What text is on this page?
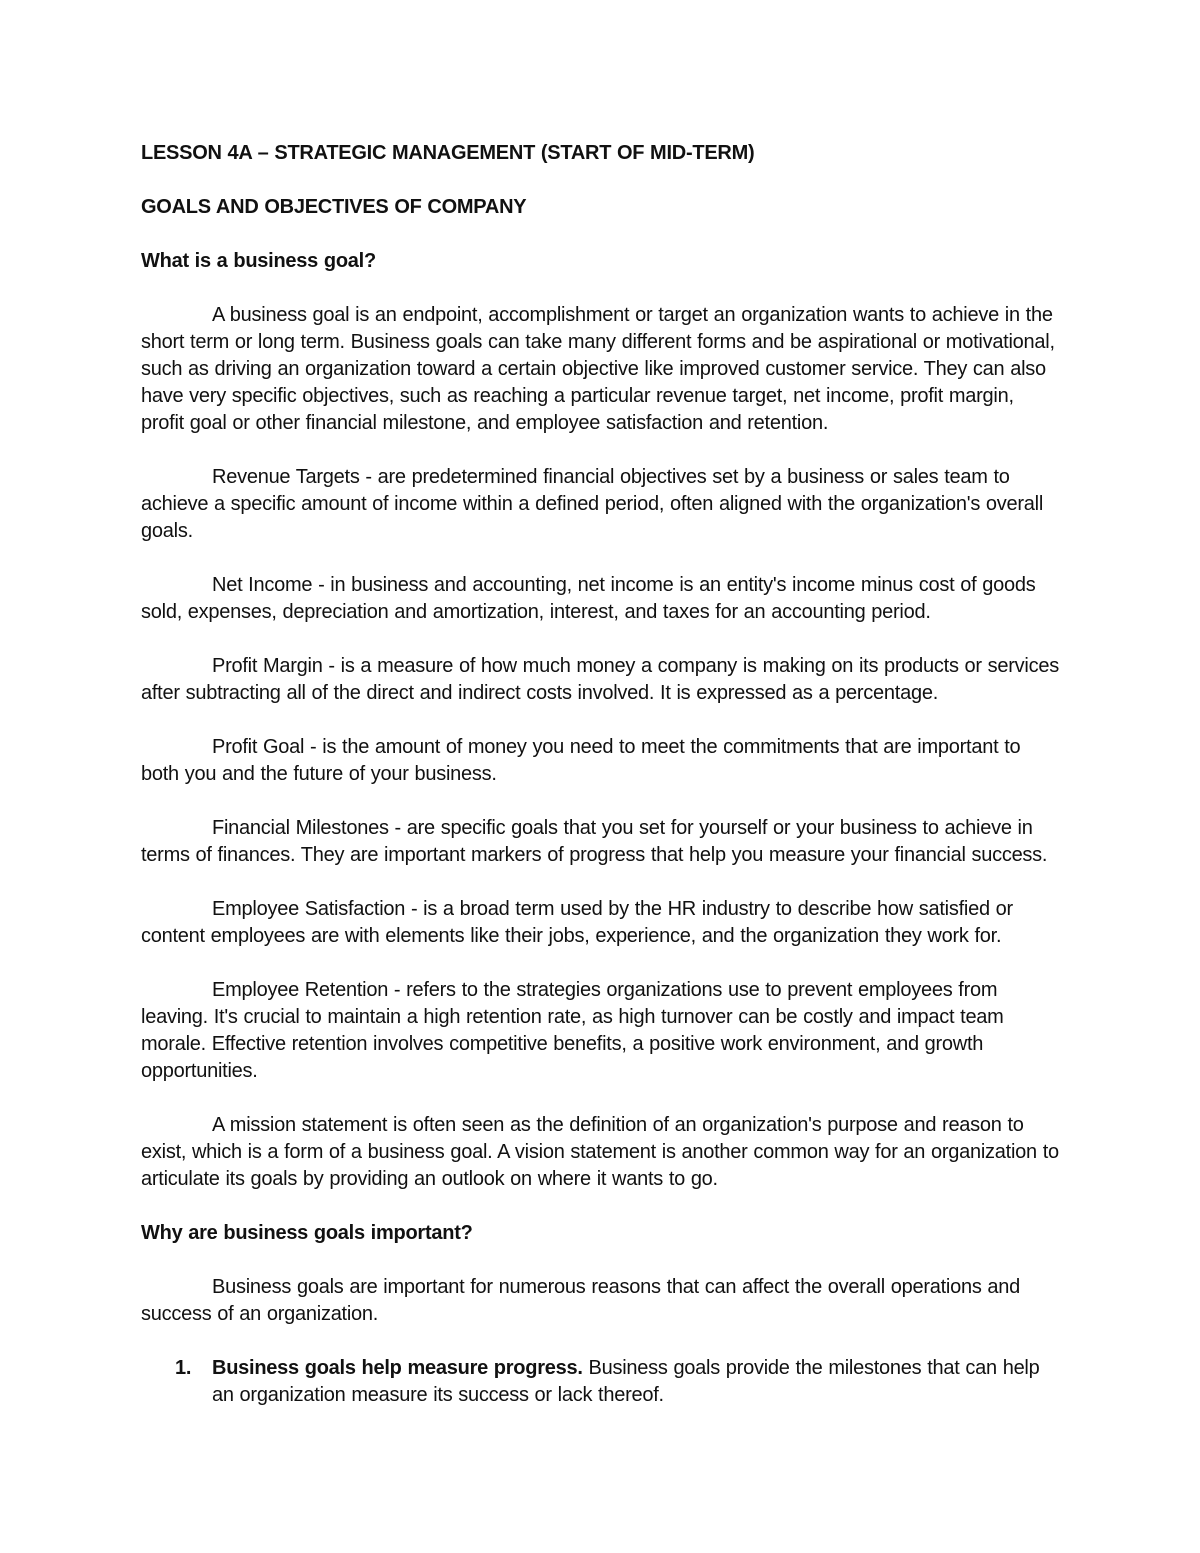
LESSON 4A – STRATEGIC MANAGEMENT (START OF MID-TERM)
GOALS AND OBJECTIVES OF COMPANY
What is a business goal?

A business goal is an endpoint, accomplishment or target an organization wants to achieve in the short term or long term. Business goals can take many different forms and be aspirational or motivational, such as driving an organization toward a certain objective like improved customer service. They can also have very specific objectives, such as reaching a particular revenue target, net income, profit margin, profit goal or other financial milestone, and employee satisfaction and retention.

Revenue Targets - are predetermined financial objectives set by a business or sales team to achieve a specific amount of income within a defined period, often aligned with the organization's overall goals.

Net Income - in business and accounting, net income is an entity's income minus cost of goods sold, expenses, depreciation and amortization, interest, and taxes for an accounting period.

Profit Margin - is a measure of how much money a company is making on its products or services after subtracting all of the direct and indirect costs involved. It is expressed as a percentage.

Profit Goal - is the amount of money you need to meet the commitments that are important to both you and the future of your business.

Financial Milestones - are specific goals that you set for yourself or your business to achieve in terms of finances. They are important markers of progress that help you measure your financial success.

Employee Satisfaction - is a broad term used by the HR industry to describe how satisfied or content employees are with elements like their jobs, experience, and the organization they work for.

Employee Retention - refers to the strategies organizations use to prevent employees from leaving. It's crucial to maintain a high retention rate, as high turnover can be costly and impact team morale. Effective retention involves competitive benefits, a positive work environment, and growth opportunities.

A mission statement is often seen as the definition of an organization's purpose and reason to exist, which is a form of a business goal. A vision statement is another common way for an organization to articulate its goals by providing an outlook on where it wants to go.

Why are business goals important?

Business goals are important for numerous reasons that can affect the overall operations and success of an organization.

1. Business goals help measure progress. Business goals provide the milestones that can help an organization measure its success or lack thereof.
